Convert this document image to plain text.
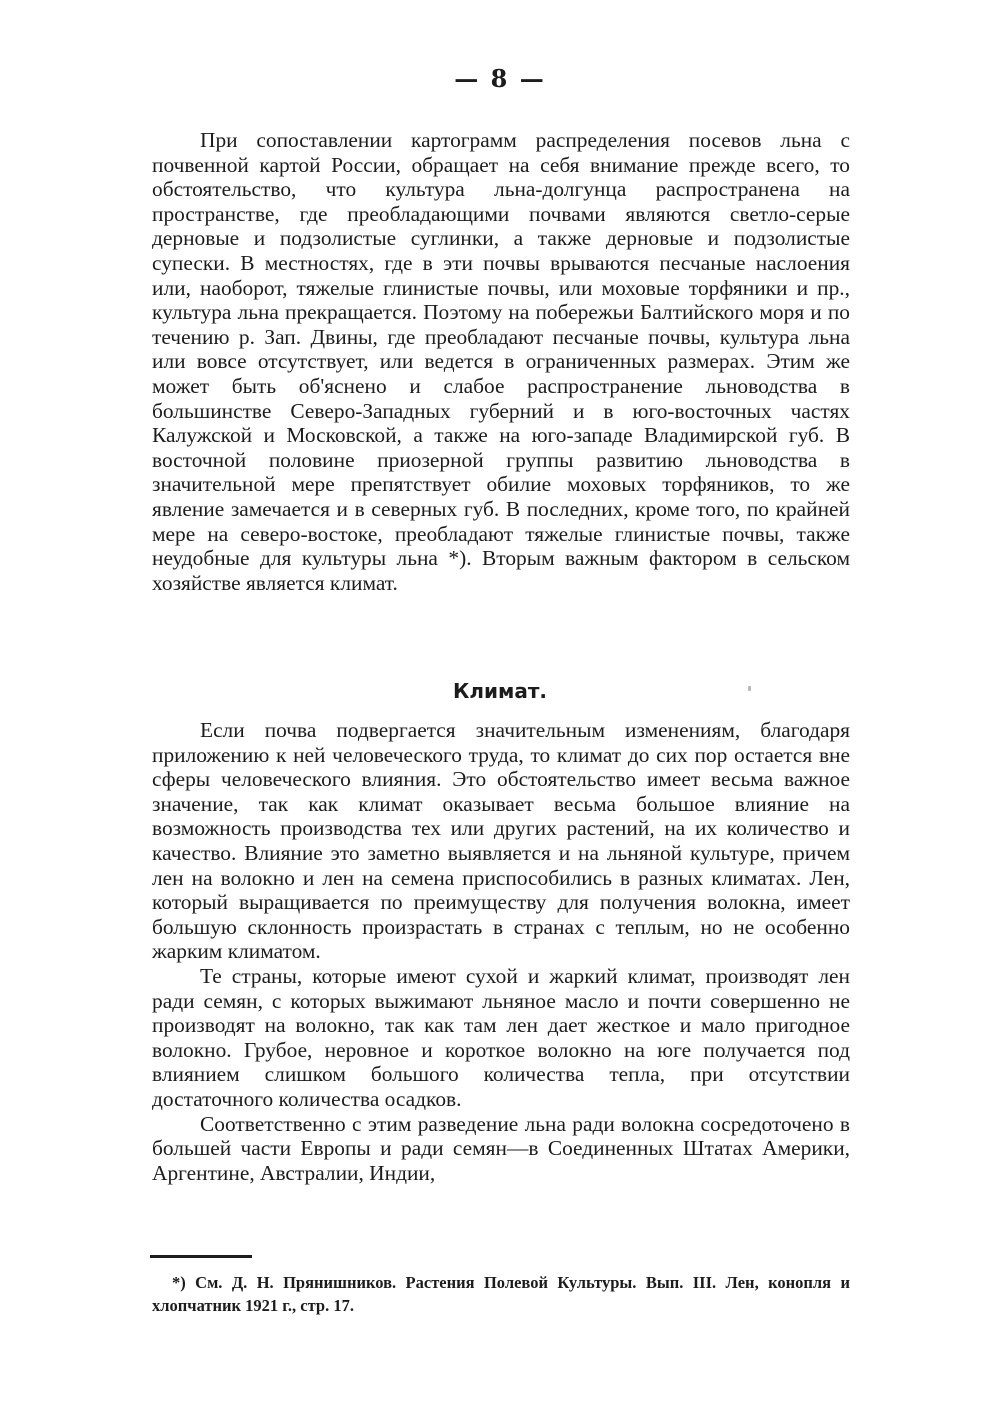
— 8 —

При сопоставлении картограмм распределения посевов льна с почвенной картой России, обращает на себя внимание прежде всего, то обстоятельство, что культура льна-долгунца распространена на пространстве, где преобладающими почвами являются светло-серые дерновые и подзолистые суглинки, а также дерновые и подзолистые супески. В местностях, где в эти почвы врываются песчаные наслоения или, наоборот, тяжелые глинистые почвы, или моховые торфяники и пр., культура льна прекращается. Поэтому на побережьи Балтийского моря и по течению р. Зап. Двины, где преобладают песчаные почвы, культура льна или вовсе отсутствует, или ведется в ограниченных размерах. Этим же может быть об'яснено и слабое распространение льноводства в большинстве Северо-Западных губерний и в юго-восточных частях Калужской и Московской, а также на юго-западе Владимирской губ. В восточной половине приозерной группы развитию льноводства в значительной мере препятствует обилие моховых торфяников, то же явление замечается и в северных губ. В последних, кроме того, по крайней мере на северо-востоке, преобладают тяжелые глинистые почвы, также неудобные для культуры льна *). Вторым важным фактором в сельском хозяйстве является климат.

Климат.

Если почва подвергается значительным изменениям, благодаря приложению к ней человеческого труда, то климат до сих пор остается вне сферы человеческого влияния. Это обстоятельство имеет весьма важное значение, так как климат оказывает весьма большое влияние на возможность производства тех или других растений, на их количество и качество. Влияние это заметно выявляется и на льняной культуре, причем лен на волокно и лен на семена приспособились в разных климатах. Лен, который выращивается по преимуществу для получения волокна, имеет большую склонность произрастать в странах с теплым, но не особенно жарким климатом.

Те страны, которые имеют сухой и жаркий климат, производят лен ради семян, с которых выжимают льняное масло и почти совершенно не производят на волокно, так как там лен дает жесткое и мало пригодное волокно. Грубое, неровное и короткое волокно на юге получается под влиянием слишком большого количества тепла, при отсутствии достаточного количества осадков.

Соответственно с этим разведение льна ради волокна сосредоточено в большей части Европы и ради семян—в Соединенных Штатах Америки, Аргентине, Австралии, Индии,

*) См. Д. Н. Прянишников. Растения Полевой Культуры. Вып. III. Лен, конопля и хлопчатник 1921 г., стр. 17.
